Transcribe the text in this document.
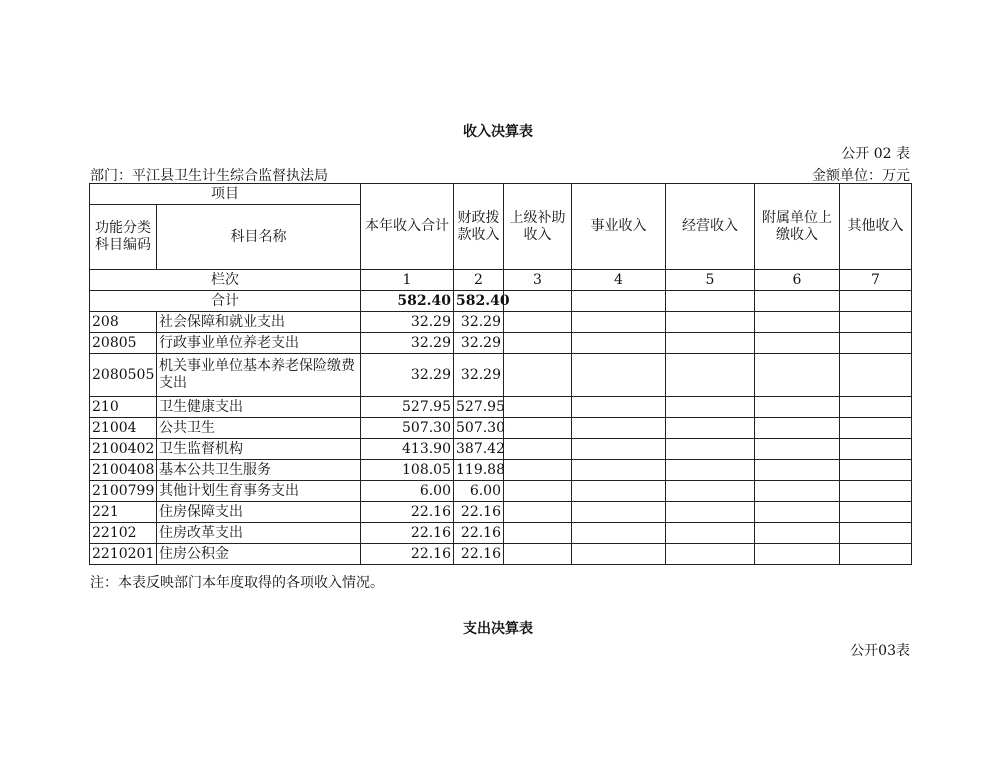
收入决算表
公开 02 表
部门：平江县卫生计生综合监督执法局	金额单位：万元
项目		本年收入合计	财政拨款收入	上级补助收入	事业收入	经营收入	附属单位上缴收入	其他收入
功能分类科目编码	科目名称							
栏次		1	2	3	4	5	6	7
合计		582.40	582.40					
208	社会保障和就业支出	32.29	32.29					
20805	行政事业单位养老支出	32.29	32.29					
2080505	机关事业单位基本养老保险缴费支出	32.29	32.29					
210	卫生健康支出	527.95	527.95					
21004	公共卫生	507.30	507.30					
2100402	卫生监督机构	413.90	387.42					
2100408	基本公共卫生服务	108.05	119.88					
2100799	其他计划生育事务支出	6.00	6.00					
221	住房保障支出	22.16	22.16					
22102	住房改革支出	22.16	22.16					
2210201	住房公积金	22.16	22.16					
注：本表反映部门本年度取得的各项收入情况。
支出决算表
公开03表
